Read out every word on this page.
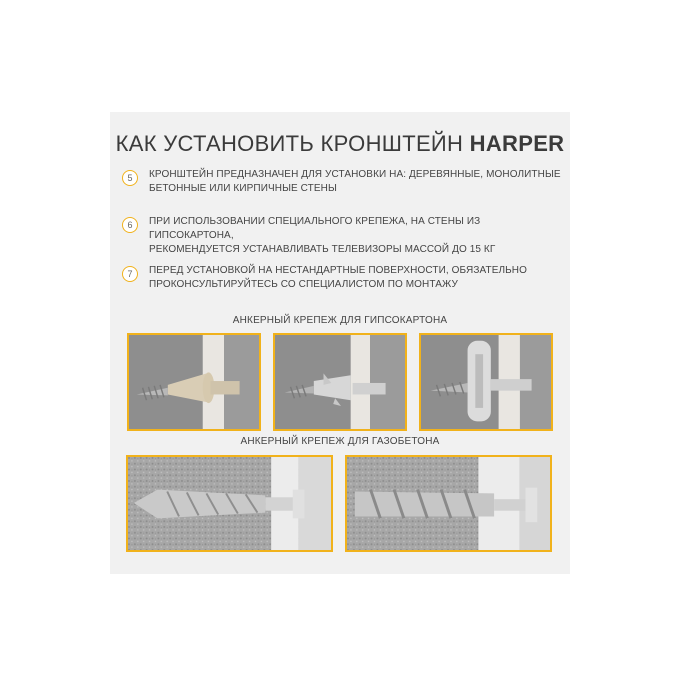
КАК УСТАНОВИТЬ КРОНШТЕЙН HARPER
5	КРОНШТЕЙН ПРЕДНАЗНАЧЕН ДЛЯ УСТАНОВКИ НА: ДЕРЕВЯННЫЕ, МОНОЛИТНЫЕ
БЕТОННЫЕ ИЛИ КИРПИЧНЫЕ СТЕНЫ
6	ПРИ ИСПОЛЬЗОВАНИИ СПЕЦИАЛЬНОГО КРЕПЕЖА, НА СТЕНЫ ИЗ ГИПСОКАРТОНА,
РЕКОМЕНДУЕТСЯ УСТАНАВЛИВАТЬ ТЕЛЕВИЗОРЫ МАССОЙ ДО 15 КГ
7	ПЕРЕД УСТАНОВКОЙ НА НЕСТАНДАРТНЫЕ ПОВЕРХНОСТИ, ОБЯЗАТЕЛЬНО
ПРОКОНСУЛЬТИРУЙТЕСЬ СО СПЕЦИАЛИСТОМ ПО МОНТАЖУ
АНКЕРНЫЙ КРЕПЕЖ ДЛЯ ГИПСОКАРТОНА
АНКЕРНЫЙ КРЕПЕЖ ДЛЯ ГАЗОБЕТОНА
